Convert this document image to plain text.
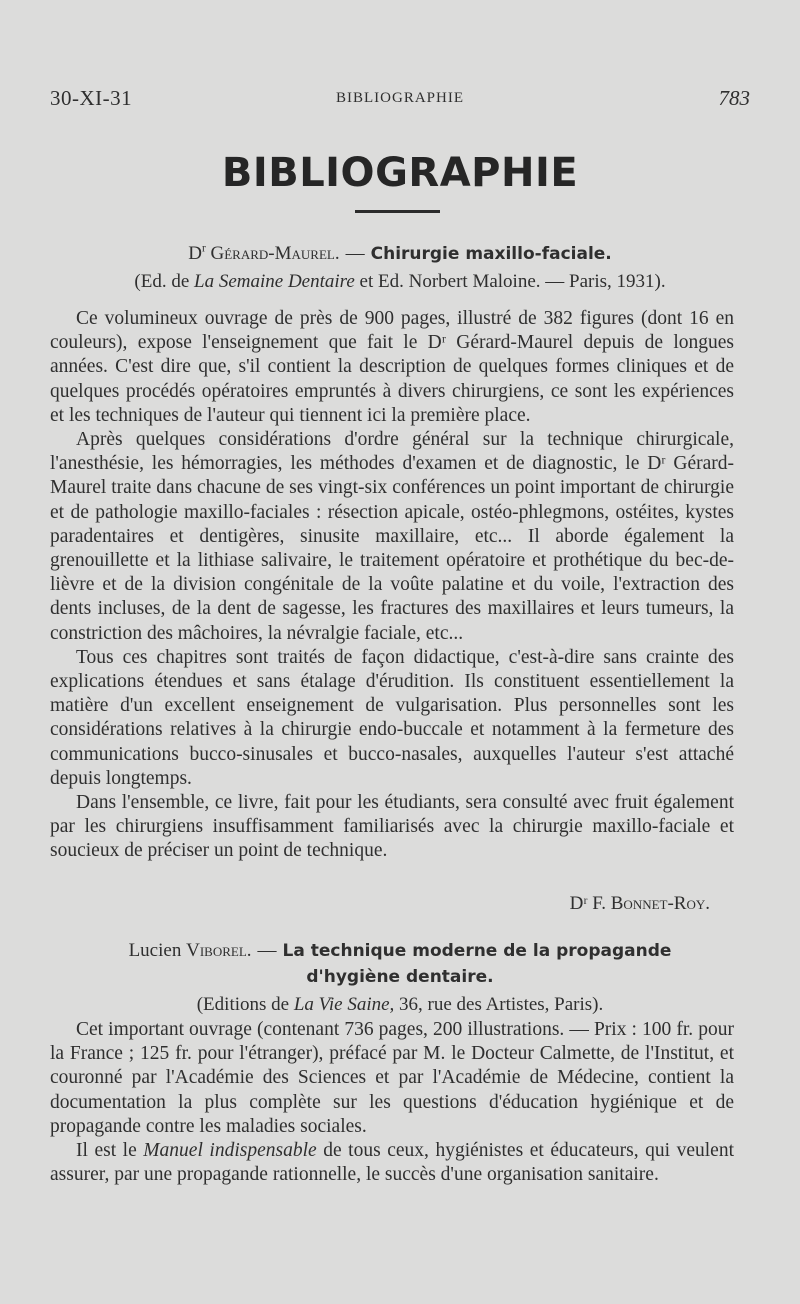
30-XI-31	BIBLIOGRAPHIE	783
BIBLIOGRAPHIE
$D^r$ Gérard-Maurel. — Chirurgie maxillo-faciale.
(Ed. de La Semaine Dentaire et Ed. Norbert Maloine. — Paris, 1931).

Ce volumineux ouvrage de près de 900 pages, illustré de 382 figures (dont 16 en couleurs), expose l'enseignement que fait le Dʳ Gérard-Maurel depuis de longues années. C'est dire que, s'il contient la description de quelques formes cliniques et de quelques procédés opératoires empruntés à divers chirurgiens, ce sont les expériences et les techniques de l'auteur qui tiennent ici la première place.

Après quelques considérations d'ordre général sur la technique chirurgicale, l'anesthésie, les hémorragies, les méthodes d'examen et de diagnostic, le Dʳ Gérard-Maurel traite dans chacune de ses vingt-six conférences un point important de chirurgie et de pathologie maxillo-faciales : résection apicale, ostéo-phlegmons, ostéites, kystes paradentaires et dentigères, sinusite maxillaire, etc... Il aborde également la grenouillette et la lithiase salivaire, le traitement opératoire et prothétique du bec-de-lièvre et de la division congénitale de la voûte palatine et du voile, l'extraction des dents incluses, de la dent de sagesse, les fractures des maxillaires et leurs tumeurs, la constriction des mâchoires, la névralgie faciale, etc...

Tous ces chapitres sont traités de façon didactique, c'est-à-dire sans crainte des explications étendues et sans étalage d'érudition. Ils constituent essentiellement la matière d'un excellent enseignement de vulgarisation. Plus personnelles sont les considérations relatives à la chirurgie endo-buccale et notamment à la fermeture des communications bucco-sinusales et bucco-nasales, auxquelles l'auteur s'est attaché depuis longtemps.

Dans l'ensemble, ce livre, fait pour les étudiants, sera consulté avec fruit également par les chirurgiens insuffisamment familiarisés avec la chirurgie maxillo-faciale et soucieux de préciser un point de technique.

Dʳ F. Bonnet-Roy.
Lucien Viborel. — La technique moderne de la propagande
d'hygiène dentaire.
(Editions de La Vie Saine, 36, rue des Artistes, Paris).

Cet important ouvrage (contenant 736 pages, 200 illustrations. — Prix : 100 fr. pour la France ; 125 fr. pour l'étranger), préfacé par M. le Docteur Calmette, de l'Institut, et couronné par l'Académie des Sciences et par l'Académie de Médecine, contient la documentation la plus complète sur les questions d'éducation hygiénique et de propagande contre les maladies sociales.

Il est le Manuel indispensable de tous ceux, hygiénistes et éducateurs, qui veulent assurer, par une propagande rationnelle, le succès d'une organisation sanitaire.
